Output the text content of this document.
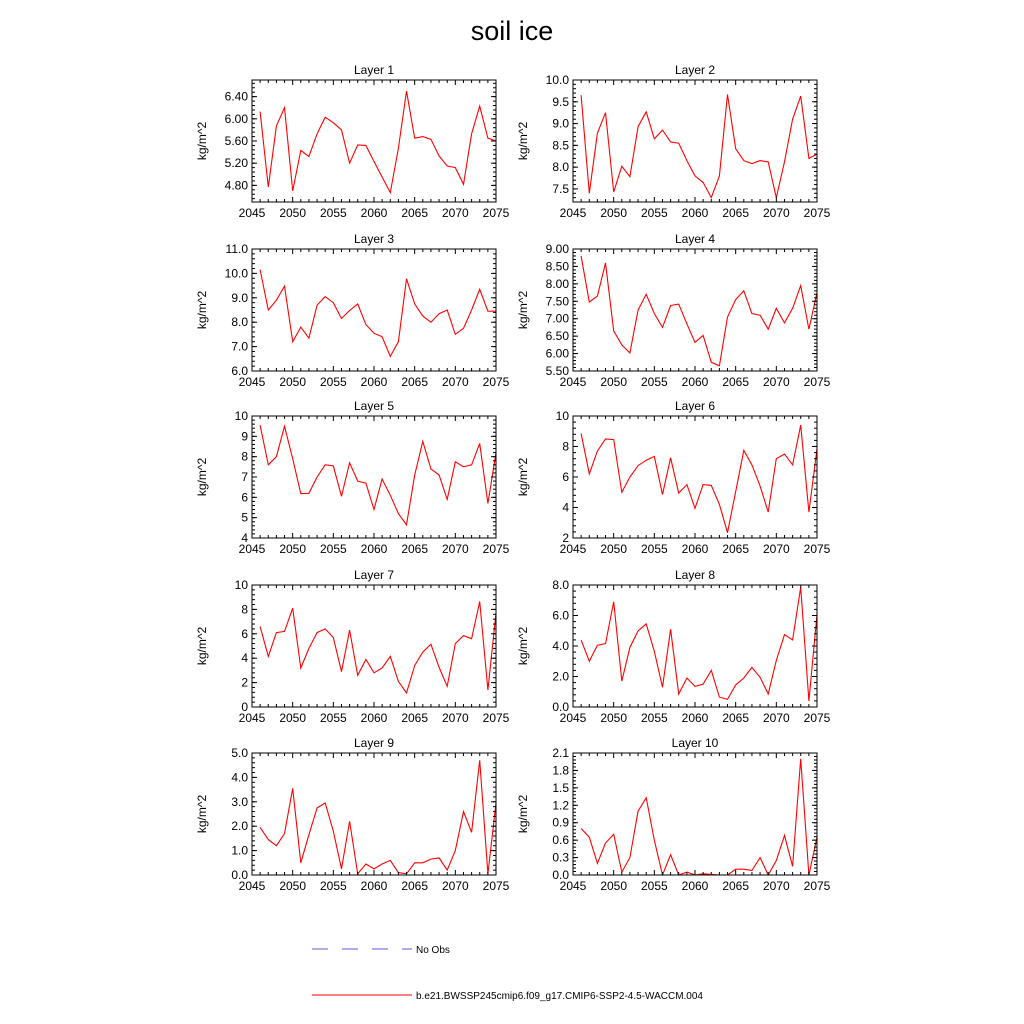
soil ice
Layer 1
kg/m^2
2045 2050 2055 2060 2065 2070 2075
4.80
5.20
5.60
6.00
6.40
Layer 2
kg/m^2
2045 2050 2055 2060 2065 2070 2075
7.5
8.0
8.5
9.0
9.5
10.0
Layer 3
kg/m^2
2045 2050 2055 2060 2065 2070 2075
6.0
7.0
8.0
9.0
10.0
11.0
Layer 4
kg/m^2
2045 2050 2055 2060 2065 2070 2075
5.50
6.00
6.50
7.00
7.50
8.00
8.50
9.00
Layer 5
kg/m^2
2045 2050 2055 2060 2065 2070 2075
4
5
6
7
8
9
10
Layer 6
kg/m^2
2045 2050 2055 2060 2065 2070 2075
2
4
6
8
10
Layer 7
kg/m^2
2045 2050 2055 2060 2065 2070 2075
0
2
4
6
8
10
Layer 8
kg/m^2
2045 2050 2055 2060 2065 2070 2075
0.0
2.0
4.0
6.0
8.0
Layer 9
kg/m^2
2045 2050 2055 2060 2065 2070 2075
0.0
1.0
2.0
3.0
4.0
5.0
Layer 10
kg/m^2
2045 2050 2055 2060 2065 2070 2075
0.0
0.3
0.6
0.9
1.2
1.5
1.8
2.1
No Obs
b.e21.BWSSP245cmip6.f09_g17.CMIP6-SSP2-4.5-WACCM.004
